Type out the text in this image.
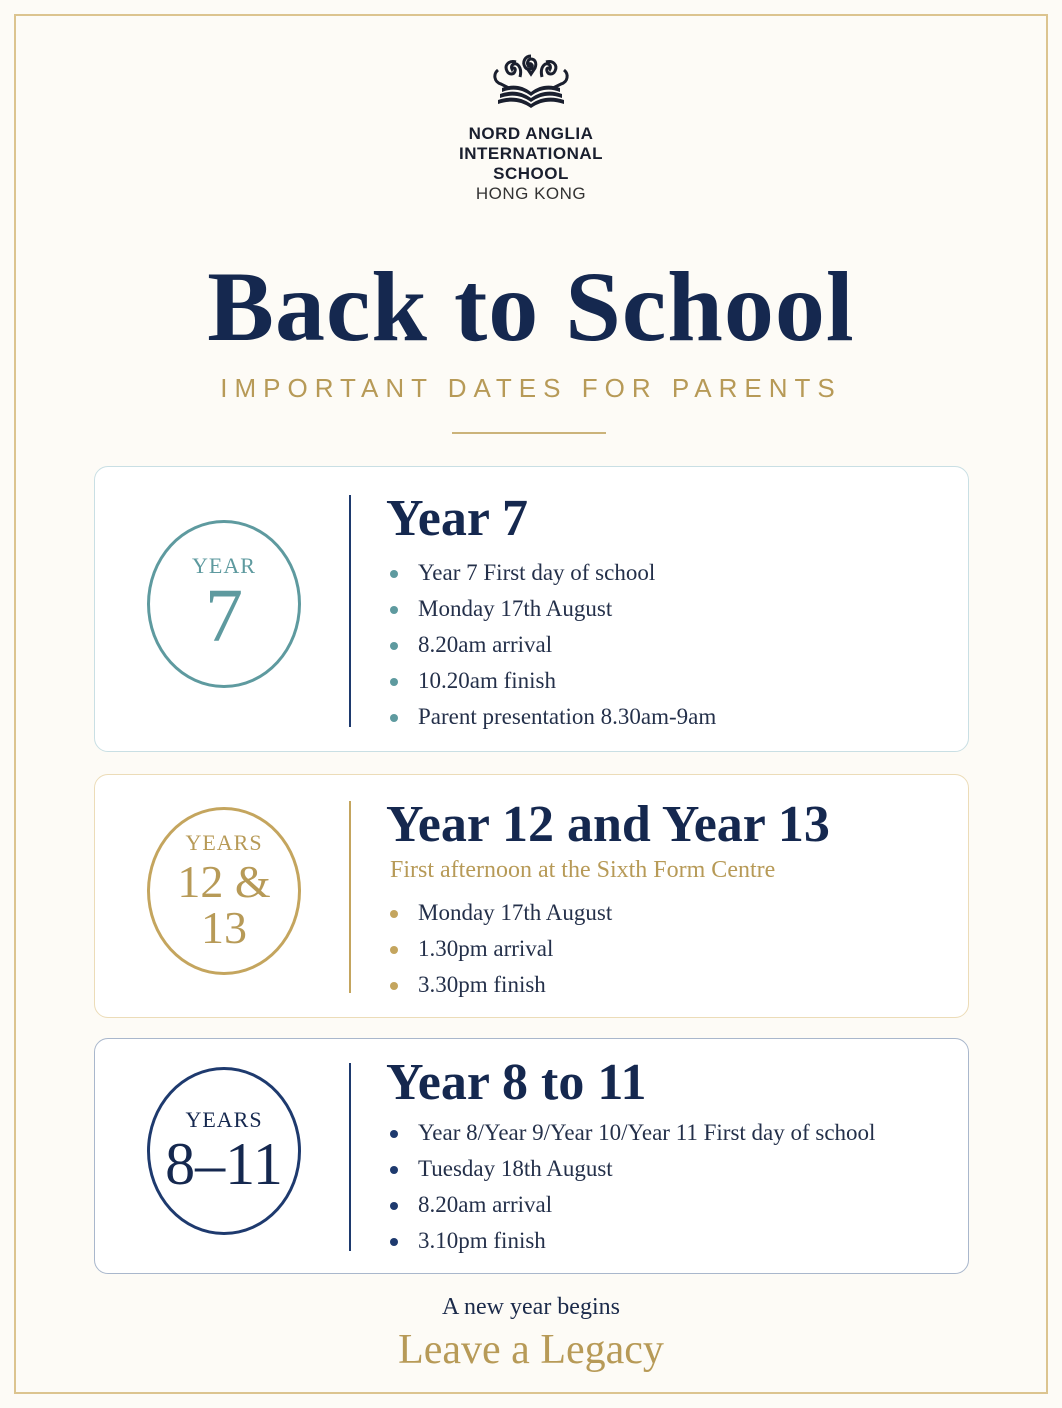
NORD ANGLIA
INTERNATIONAL
SCHOOL
HONG KONG
Back to School
IMPORTANT DATES FOR PARENTS
YEAR
7
Year 7
Year 7 First day of school
Monday 17th August
8.20am arrival
10.20am finish
Parent presentation 8.30am-9am
YEARS
12 & 13
Year 12 and Year 13
First afternoon at the Sixth Form Centre
Monday 17th August
1.30pm arrival
3.30pm finish
YEARS
8–11
Year 8 to 11
Year 8/Year 9/Year 10/Year 11 First day of school
Tuesday 18th August
8.20am arrival
3.10pm finish
A new year begins
Leave a Legacy
